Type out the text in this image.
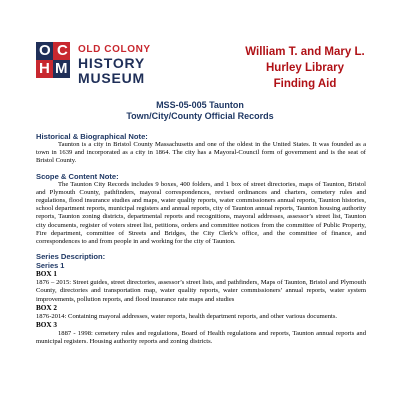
O C
H M
OLD COLONY
HISTORY
MUSEUM
William T. and Mary L.
Hurley Library
Finding Aid
MSS-05-005 Taunton
Town/City/County Official Records
Historical & Biographical Note:
Taunton is a city in Bristol County Massachusetts and one of the oldest in the United States. It was founded as a town in 1639 and incorporated as a city in 1864. The city has a Mayoral-Council form of government and is the seat of Bristol County.
Scope & Content Note:
The Taunton City Records includes 9 boxes, 400 folders, and 1 box of street directories, maps of Taunton, Bristol and Plymouth County, pathfinders, mayoral correspondences, revised ordinances and charters, cemetery rules and regulations, flood insurance studies and maps, water quality reports, water commissioners annual reports, Taunton histories, school department reports, municipal registers and annual reports, city of Taunton annual reports, Taunton housing authority reports, Taunton zoning districts, departmental reports and recognitions, mayoral addresses, assessor’s street list, Taunton city documents, register of voters street list, petitions, orders and committee notices from the committee of Public Property, Fire department, committee of Streets and Bridges, the City Clerk’s office, and the committee of finance, and correspondences to and from people in and working for the city of Taunton.
Series Description:
Series 1
BOX 1
1876 – 2015: Street guides, street directories, assessor’s street lists, and pathfinders, Maps of Taunton, Bristol and Plymouth County, directories and transportation map, water quality reports, water commissioners’ annual reports, water system improvements, pollution reports, and flood insurance rate maps and studies
BOX 2
1876-2014: Containing mayoral addresses, water reports, health department reports, and other various documents.
BOX 3
1887 - 1998: cemetery rules and regulations, Board of Health regulations and reports, Taunton annual reports and municipal registers. Housing authority reports and zoning districts.
